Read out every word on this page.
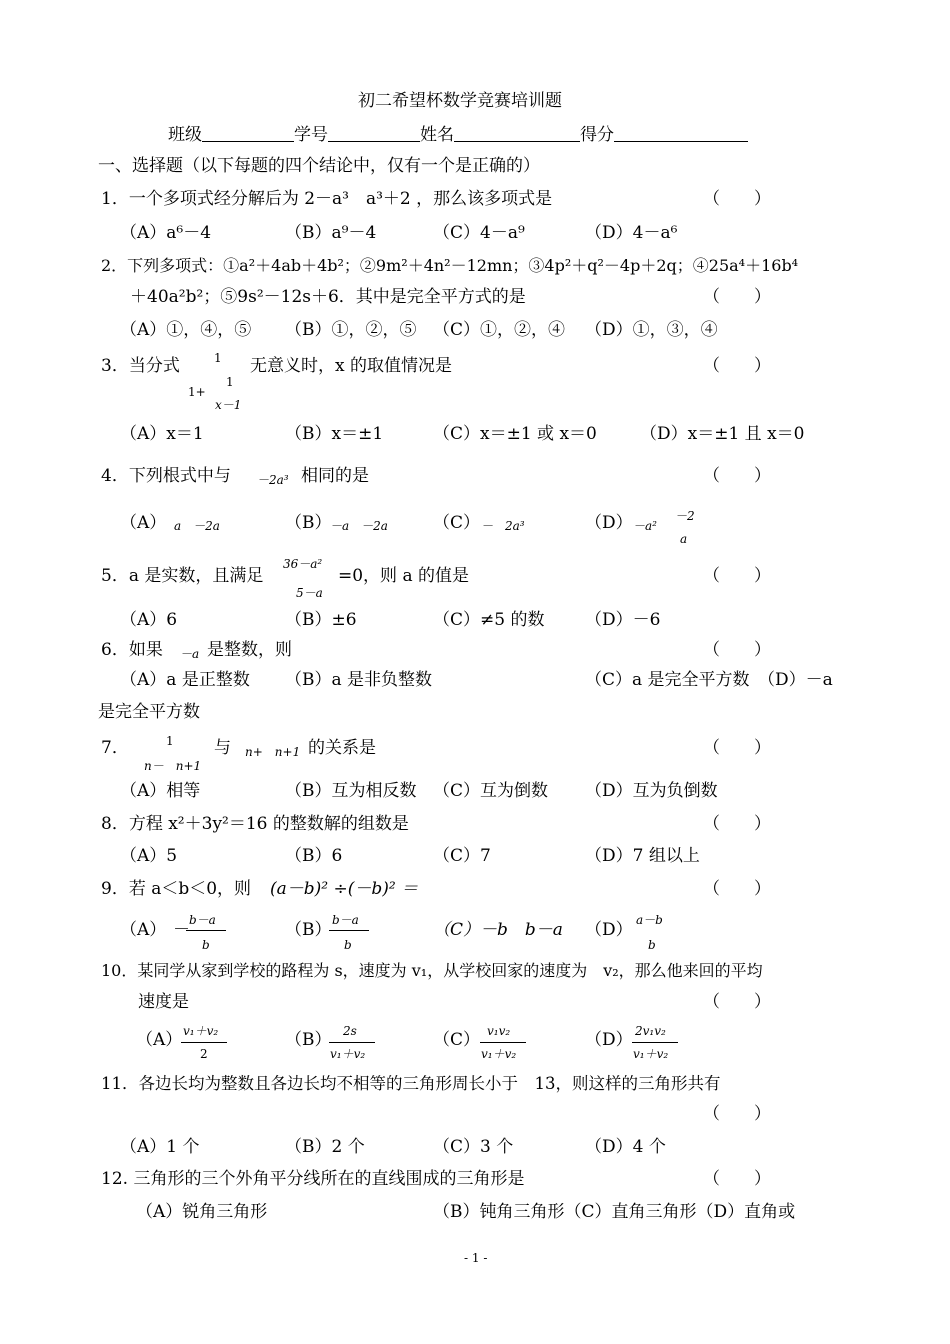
初二希望杯数学竞赛培训题
班级	学号	姓名	得分
一、选择题（以下每题的四个结论中，仅有一个是正确的）
1．一个多项式经分解后为 2－a³　a³＋2 ，那么该多项式是	（　　）
（A）a⁶－4	（B）a⁹－4	（C）4－a⁹	（D）4－a⁶
2．下列多项式：①a²＋4ab＋4b²；②9m²＋4n²－12mn；③4p²＋q²－4p＋2q；④25a⁴＋16b⁴
＋40a²b²；⑤9s²－12s＋6．其中是完全平方式的是	（　　）
（A）①，④，⑤ （B）①，②，⑤ （C）①，②，④ （D）①，③，④
3．当分式	1
1+
1
x－1
无意义时，x 的取值情况是	（　　）
（A）x＝1	（B）x＝±1	（C）x＝±1 或 x＝0	（D）x＝±1 且 x＝0
4．下列根式中与 －2a³ 相同的是	（　　）
（A） a　－2a	（B）
－a　－2a	（C） －　2a³	（D） －a²
－2
a
5．a 是实数，且满足
36－a²
5－a
=0，则 a 的值是	（　　）
（A）6	（B）±6	（C）≠5 的数 （D）－6
6．如果 －a 是整数，则	（　　）
（A）a 是正整数 （B）a 是非负整数	（C）a 是完全平方数　（D）－a
是完全平方数
7．	1
n－　n+1
与 n+　n+1 的关系是	（　　）
（A）相等	（B）互为相反数 （C）互为倒数 （D）互为负倒数
8．方程 x²＋3y²＝16 的整数解的组数是	（　　）
（A）5	（B）6	（C）7	（D）7 组以上
9．若 a＜b＜0，则 (a－b)² ÷(－b)² ＝	（　　）
（A） － b－a
b
（B） b－a
b
（C）－b　b－a （D） a－b
b
10．某同学从家到学校的路程为 s，速度为 v₁，从学校回家的速度为　v₂，那么他来回的平均
速度是	（　　）
（A） v₁＋v₂
2
（B） 2s
v₁＋v₂
（C） v₁v₂
v₁＋v₂
（D） 2v₁v₂
v₁＋v₂
11．各边长均为整数且各边长均不相等的三角形周长小于　13，则这样的三角形共有
（　　）
（A）1 个	（B）2 个	（C）3 个	（D）4 个
12. 三角形的三个外角平分线所在的直线围成的三角形是	（　　）
（A）锐角三角形	（B）钝角三角形（C）直角三角形（D）直角或
- 1 -
